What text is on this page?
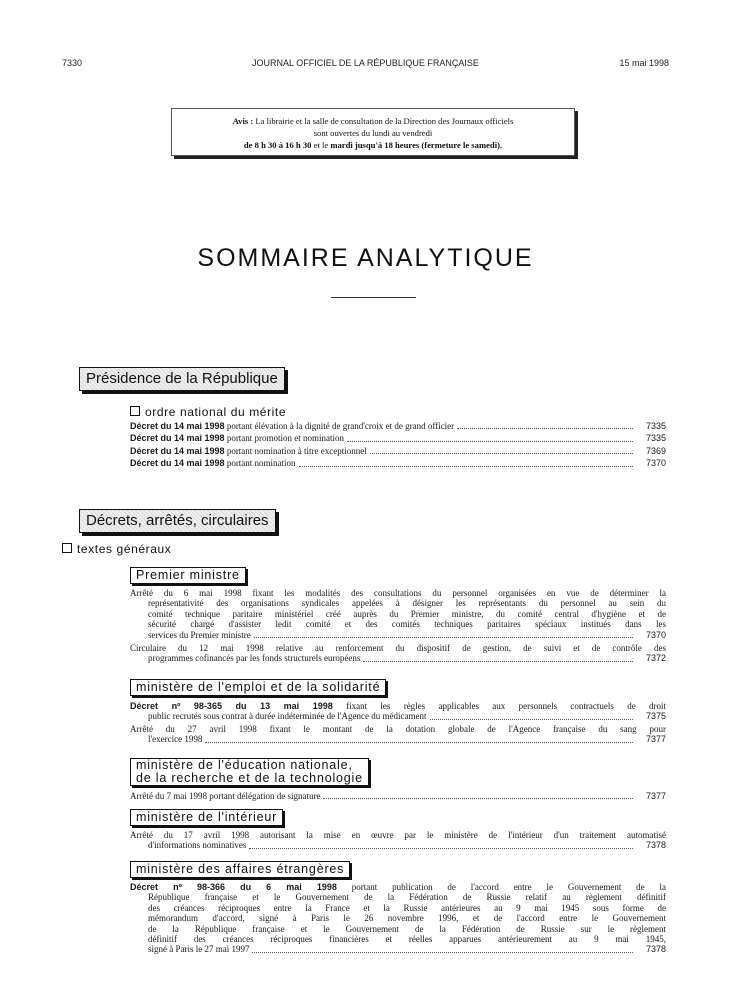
7330	JOURNAL OFFICIEL DE LA RÉPUBLIQUE FRANÇAISE	15 mai 1998
Avis : La librairie et la salle de consultation de la Direction des Journaux officiels
sont ouvertes du lundi au vendredi
de 8 h 30 à 16 h 30 et le mardi jusqu'à 18 heures (fermeture le samedi).
SOMMAIRE ANALYTIQUE
Présidence de la République
ordre national du mérite
Décret du 14 mai 1998 portant élévation à la dignité de grand'croix et de grand officier	7335
Décret du 14 mai 1998 portant promotion et nomination	7335
Décret du 14 mai 1998 portant nomination à titre exceptionnel	7369
Décret du 14 mai 1998 portant nomination	7370
Décrets, arrêtés, circulaires
textes généraux
Premier ministre
Arrêté du 6 mai 1998 fixant les modalités des consultations du personnel organisées en vue de déterminer la
représentativité des organisations syndicales appelées à désigner les représentants du personnel au sein du
comité technique paritaire ministériel créé auprès du Premier ministre, du comité central d'hygiène et de
sécurité chargé d'assister ledit comité et des comités techniques paritaires spéciaux institués dans les
services du Premier ministre	7370
Circulaire du 12 mai 1998 relative au renforcement du dispositif de gestion, de suivi et de contrôle des
programmes cofinancés par les fonds structurels européens	7372
ministère de l'emploi et de la solidarité
Décret nº 98-365 du 13 mai 1998 fixant les règles applicables aux personnels contractuels de droit
public recrutés sous contrat à durée indéterminée de l'Agence du médicament	7375
Arrêté du 27 avril 1998 fixant le montant de la dotation globale de l'Agence française du sang pour
l'exercice 1998	7377
ministère de l'éducation nationale,
de la recherche et de la technologie
Arrêté du 7 mai 1998 portant délégation de signature	7377
ministère de l'intérieur
Arrêté du 17 avril 1998 autorisant la mise en œuvre par le ministère de l'intérieur d'un traitement automatisé
d'informations nominatives	7378
ministère des affaires étrangères
Décret nº 98-366 du 6 mai 1998 portant publication de l'accord entre le Gouvernement de la
République française et le Gouvernement de la Fédération de Russie relatif au règlement définitif
des créances réciproques entre la France et la Russie antérieures au 9 mai 1945 sous forme de
mémorandum d'accord, signé à Paris le 26 novembre 1996, et de l'accord entre le Gouvernement
de la République française et le Gouvernement de la Fédération de Russie sur le règlement
définitif des créances réciproques financières et réelles apparues antérieurement au 9 mai 1945,
signé à Paris le 27 mai 1997	7378
